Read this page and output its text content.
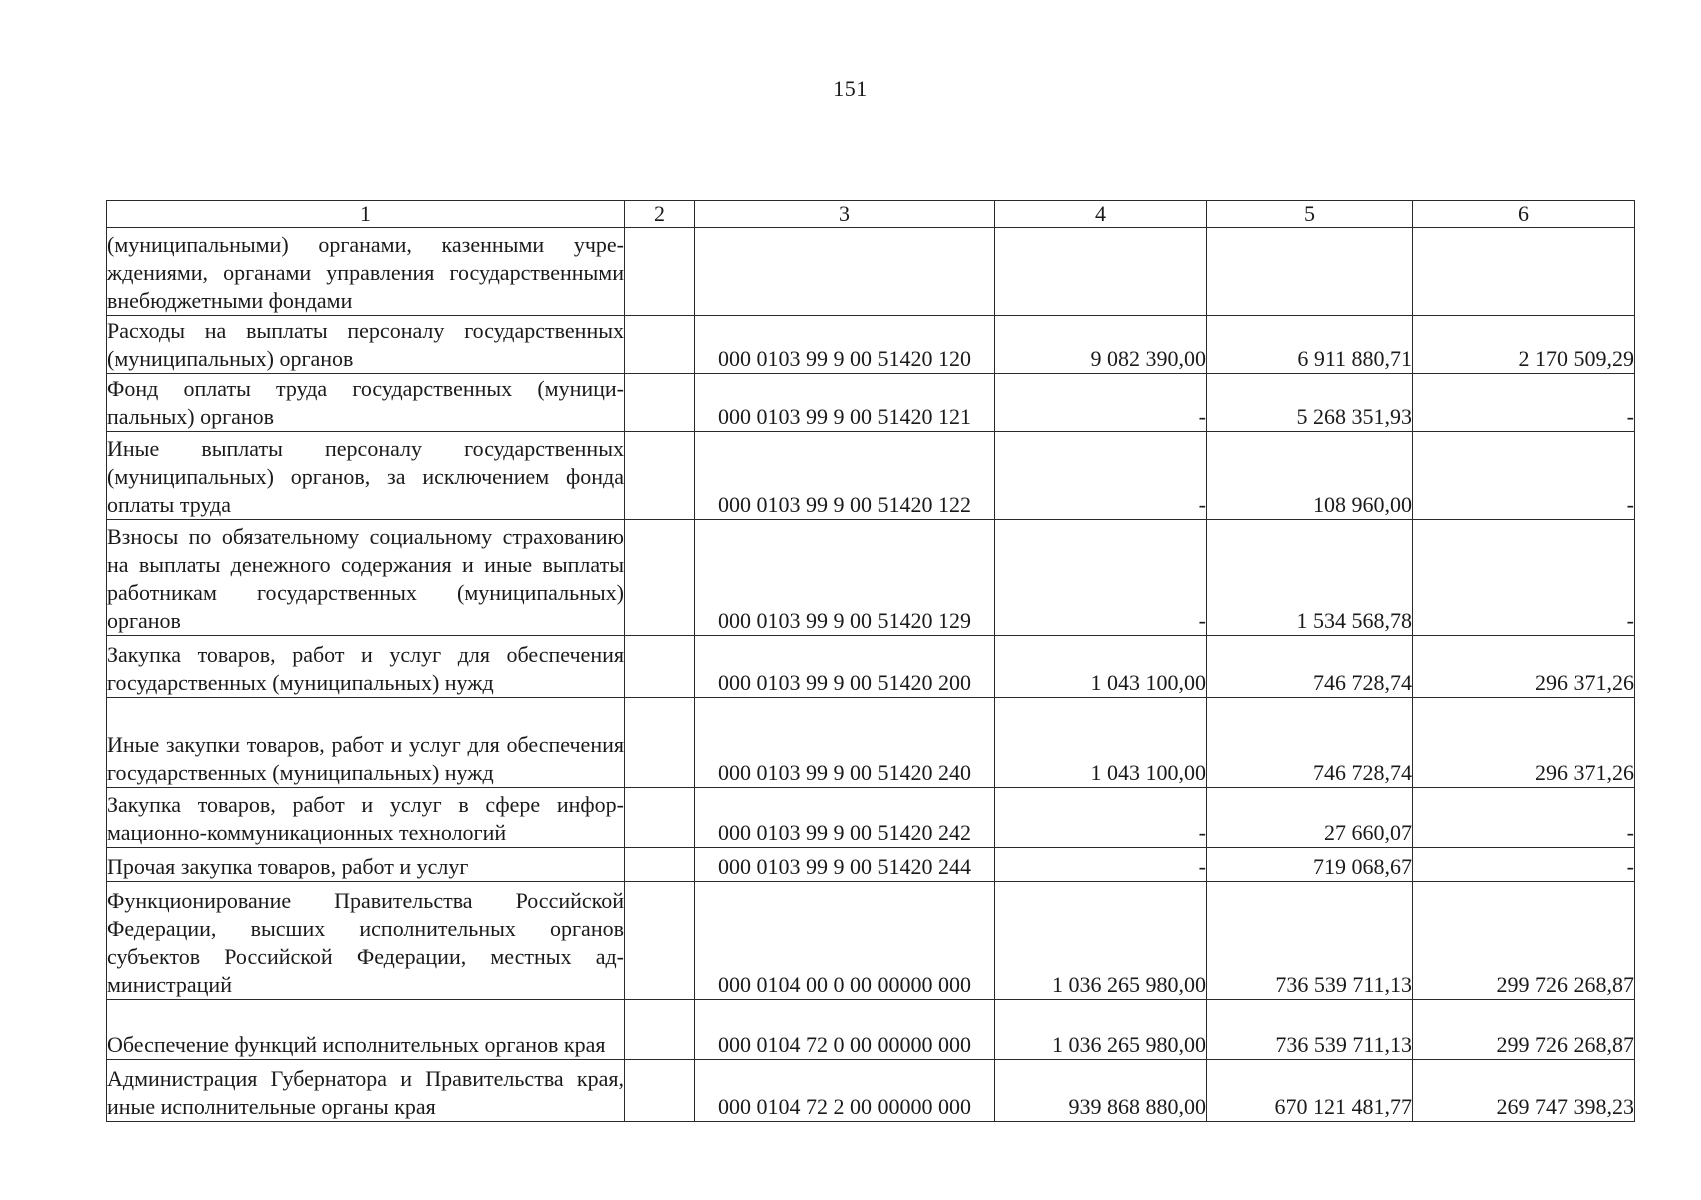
151
1	2	3	4	5	6
(муниципальными) органами, казенными учреждениями, органами управления государственными внебюджетными фондами					
Расходы на выплаты персоналу государственных (муниципальных) органов		000 0103 99 9 00 51420 120	9 082 390,00	6 911 880,71	2 170 509,29
Фонд оплаты труда государственных (муниципальных) органов		000 0103 99 9 00 51420 121	-	5 268 351,93	-
Иные выплаты персоналу государственных (муниципальных) органов, за исключением фонда оплаты труда		000 0103 99 9 00 51420 122	-	108 960,00	-
Взносы по обязательному социальному страхованию на выплаты денежного содержания и иные выплаты работникам государственных (муниципальных) органов		000 0103 99 9 00 51420 129	-	1 534 568,78	-
Закупка товаров, работ и услуг для обеспечения государственных (муниципальных) нужд		000 0103 99 9 00 51420 200	1 043 100,00	746 728,74	296 371,26
Иные закупки товаров, работ и услуг для обеспечения государственных (муниципальных) нужд		000 0103 99 9 00 51420 240	1 043 100,00	746 728,74	296 371,26
Закупка товаров, работ и услуг в сфере информационно-коммуникационных технологий		000 0103 99 9 00 51420 242	-	27 660,07	-
Прочая закупка товаров, работ и услуг		000 0103 99 9 00 51420 244	-	719 068,67	-
Функционирование Правительства Российской Федерации, высших исполнительных органов субъектов Российской Федерации, местных администраций		000 0104 00 0 00 00000 000	1 036 265 980,00	736 539 711,13	299 726 268,87
Обеспечение функций исполнительных органов края		000 0104 72 0 00 00000 000	1 036 265 980,00	736 539 711,13	299 726 268,87
Администрация Губернатора и Правительства края, иные исполнительные органы края		000 0104 72 2 00 00000 000	939 868 880,00	670 121 481,77	269 747 398,23
